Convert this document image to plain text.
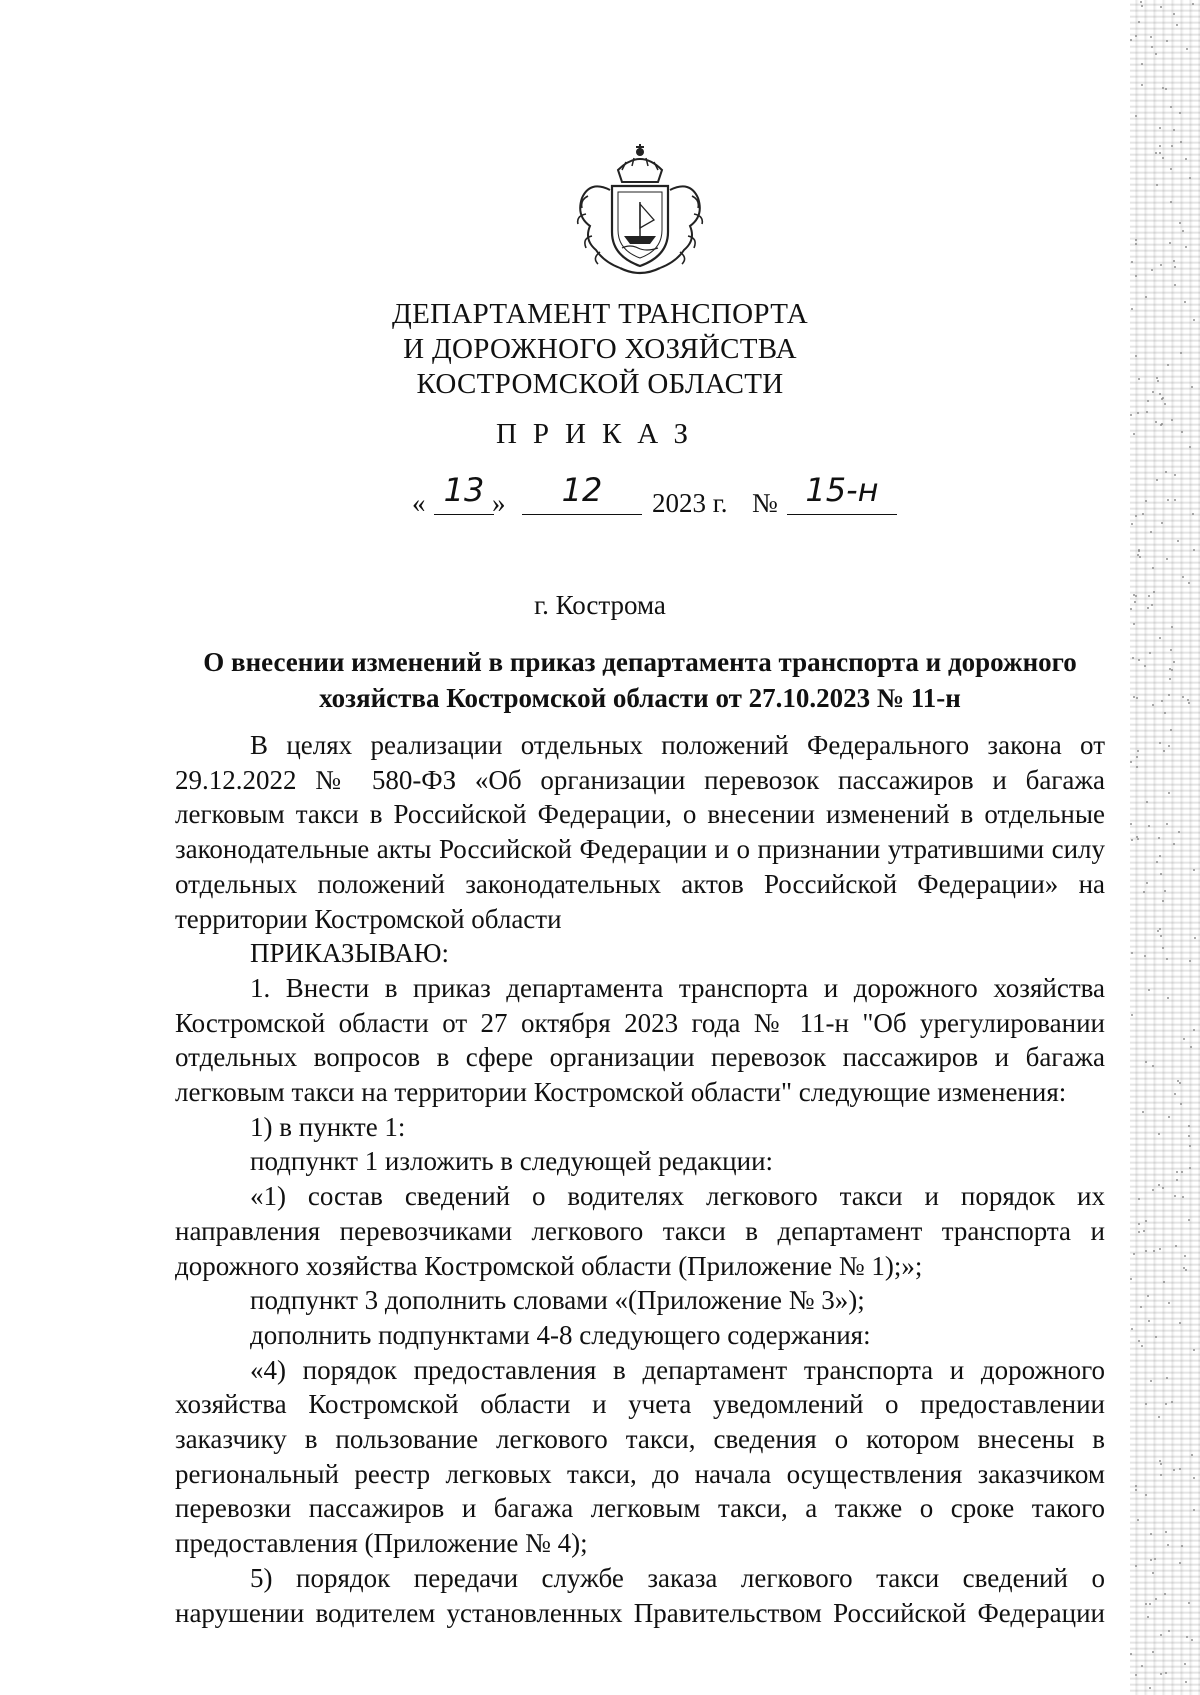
ДЕПАРТАМЕНТ ТРАНСПОРТА
И ДОРОЖНОГО ХОЗЯЙСТВА
КОСТРОМСКОЙ ОБЛАСТИ
ПРИКАЗ
« 13 »	12	2023 г. № 15-н
г. Кострома
О внесении изменений в приказ департамента транспорта и дорожного
хозяйства Костромской области от 27.10.2023 № 11-н

В целях реализации отдельных положений Федерального закона от 29.12.2022 № 580-ФЗ «Об организации перевозок пассажиров и багажа легковым такси в Российской Федерации, о внесении изменений в отдельные законодательные акты Российской Федерации и о признании утратившими силу отдельных положений законодательных актов Российской Федерации» на территории Костромской области

ПРИКАЗЫВАЮ:

1. Внести в приказ департамента транспорта и дорожного хозяйства Костромской области от 27 октября 2023 года № 11-н "Об урегулировании отдельных вопросов в сфере организации перевозок пассажиров и багажа легковым такси на территории Костромской области" следующие изменения:

1) в пункте 1:

подпункт 1 изложить в следующей редакции:

«1) состав сведений о водителях легкового такси и порядок их направления перевозчиками легкового такси в департамент транспорта и дорожного хозяйства Костромской области (Приложение № 1);»;

подпункт 3 дополнить словами «(Приложение № 3»);

дополнить подпунктами 4-8 следующего содержания:

«4) порядок предоставления в департамент транспорта и дорожного хозяйства Костромской области и учета уведомлений о предоставлении заказчику в пользование легкового такси, сведения о котором внесены в региональный реестр легковых такси, до начала осуществления заказчиком перевозки пассажиров и багажа легковым такси, а также о сроке такого предоставления (Приложение № 4);

5) порядок передачи службе заказа легкового такси сведений о нарушении водителем установленных Правительством Российской Федерации
